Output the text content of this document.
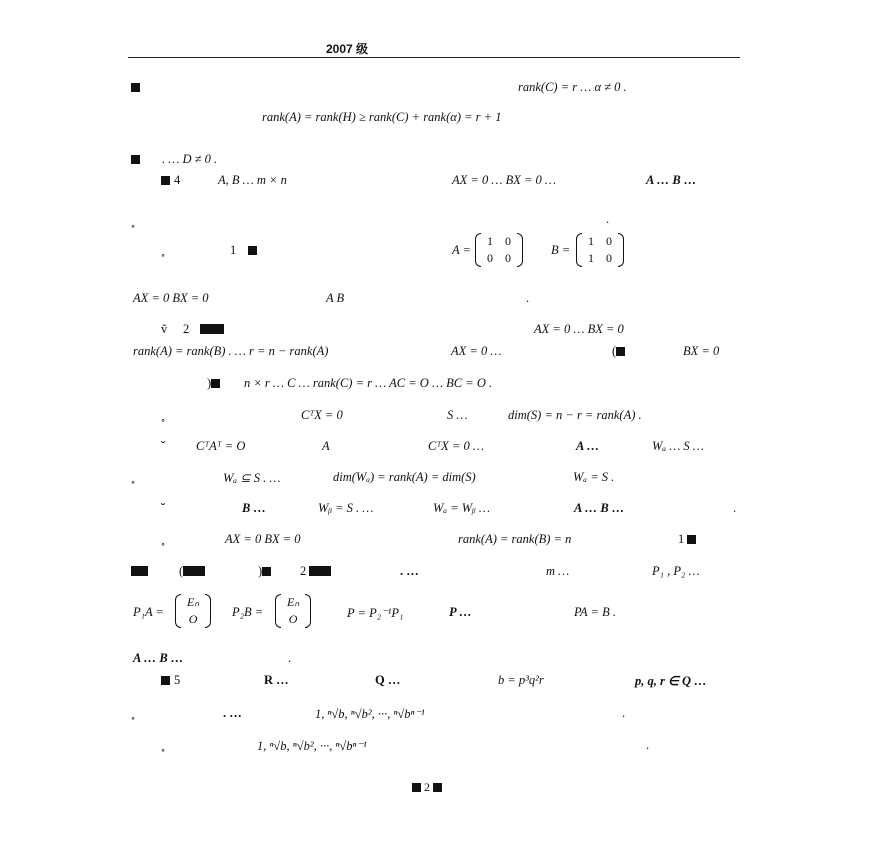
2007 级
rank(C) = r … α ≠ 0 .
rank(A) = rank(H) ≥ rank(C) + rank(α) = r + 1
. … D ≠ 0 .
4	A, B … m × n	AX = 0 … BX = 0 …	A … B …
˳	.
˳	1	A =
1	0
0	0
B =
1	0
1	0
AX = 0 BX = 0	A B	.
ṽ 2	AX = 0 … BX = 0
rank(A) = rank(B) . … r = n − rank(A)	AX = 0 …	(	BX = 0
)	n × r … C … rank(C) = r … AC = O … BC = O .
˳	CᵀX = 0	S …	dim(S) = n − r = rank(A) .
˘ CᵀAᵀ = O	A	CᵀX = 0 …	A …	Wₐ … S …
˳	Wₐ ⊆ S . …	dim(Wₐ) = rank(A) = dim(S)	Wₐ = S .
˘	B …	Wᵦ = S . …	Wₐ = Wᵦ …	A … B …	.
˳	AX = 0 BX = 0	rank(A) = rank(B) = n	1
(	)	2	. …	m …	P₁ , P₂ …
P₁A =
Eₙ
O	P₂B =
Eₙ
O	P = P₂⁻¹P₁	P …	PA = B .
A … B …	.
5	R …	Q …	b = p³q²r	p, q, r ∈ Q …
˳	. …	1, ⁿ√b, ⁿ√b², ···, ⁿ√bⁿ⁻¹	.
˳	1, ⁿ√b, ⁿ√b², ···, ⁿ√bⁿ⁻¹	.
2
